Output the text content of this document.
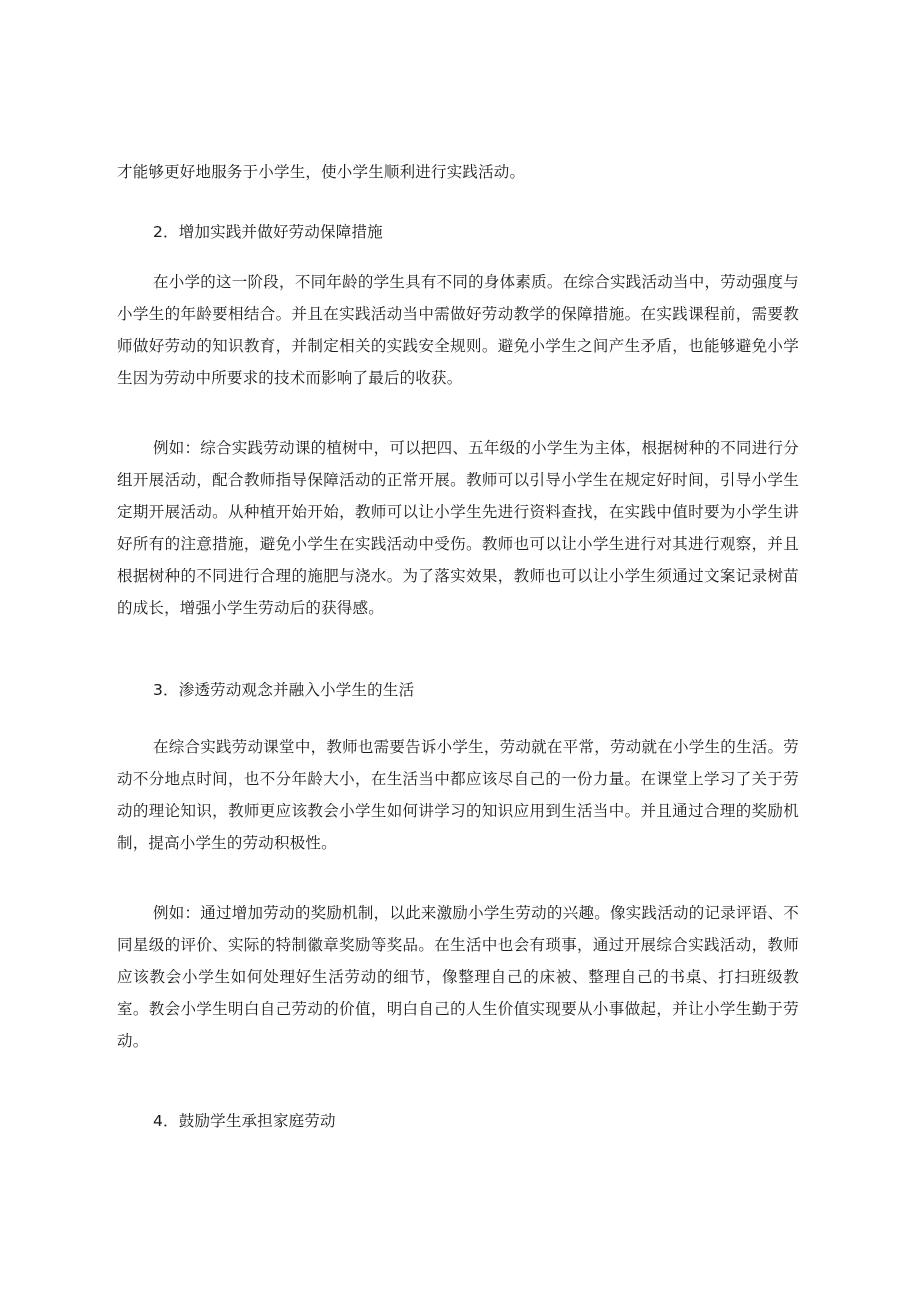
才能够更好地服务于小学生，使小学生顺利进行实践活动。

2．增加实践并做好劳动保障措施

在小学的这一阶段，不同年龄的学生具有不同的身体素质。在综合实践活动当中，劳动强度与小学生的年龄要相结合。并且在实践活动当中需做好劳动教学的保障措施。在实践课程前，需要教师做好劳动的知识教育，并制定相关的实践安全规则。避免小学生之间产生矛盾，也能够避免小学生因为劳动中所要求的技术而影响了最后的收获。

例如：综合实践劳动课的植树中，可以把四、五年级的小学生为主体，根据树种的不同进行分组开展活动，配合教师指导保障活动的正常开展。教师可以引导小学生在规定好时间，引导小学生定期开展活动。从种植开始开始，教师可以让小学生先进行资料查找，在实践中值时要为小学生讲好所有的注意措施，避免小学生在实践活动中受伤。教师也可以让小学生进行对其进行观察，并且根据树种的不同进行合理的施肥与浇水。为了落实效果，教师也可以让小学生须通过文案记录树苗的成长，增强小学生劳动后的获得感。

3．渗透劳动观念并融入小学生的生活

在综合实践劳动课堂中，教师也需要告诉小学生，劳动就在平常，劳动就在小学生的生活。劳动不分地点时间，也不分年龄大小，在生活当中都应该尽自己的一份力量。在课堂上学习了关于劳动的理论知识，教师更应该教会小学生如何讲学习的知识应用到生活当中。并且通过合理的奖励机制，提高小学生的劳动积极性。

例如：通过增加劳动的奖励机制，以此来激励小学生劳动的兴趣。像实践活动的记录评语、不同星级的评价、实际的特制徽章奖励等奖品。在生活中也会有琐事，通过开展综合实践活动，教师应该教会小学生如何处理好生活劳动的细节，像整理自己的床被、整理自己的书桌、打扫班级教室。教会小学生明白自己劳动的价值，明白自己的人生价值实现要从小事做起，并让小学生勤于劳动。

4．鼓励学生承担家庭劳动
